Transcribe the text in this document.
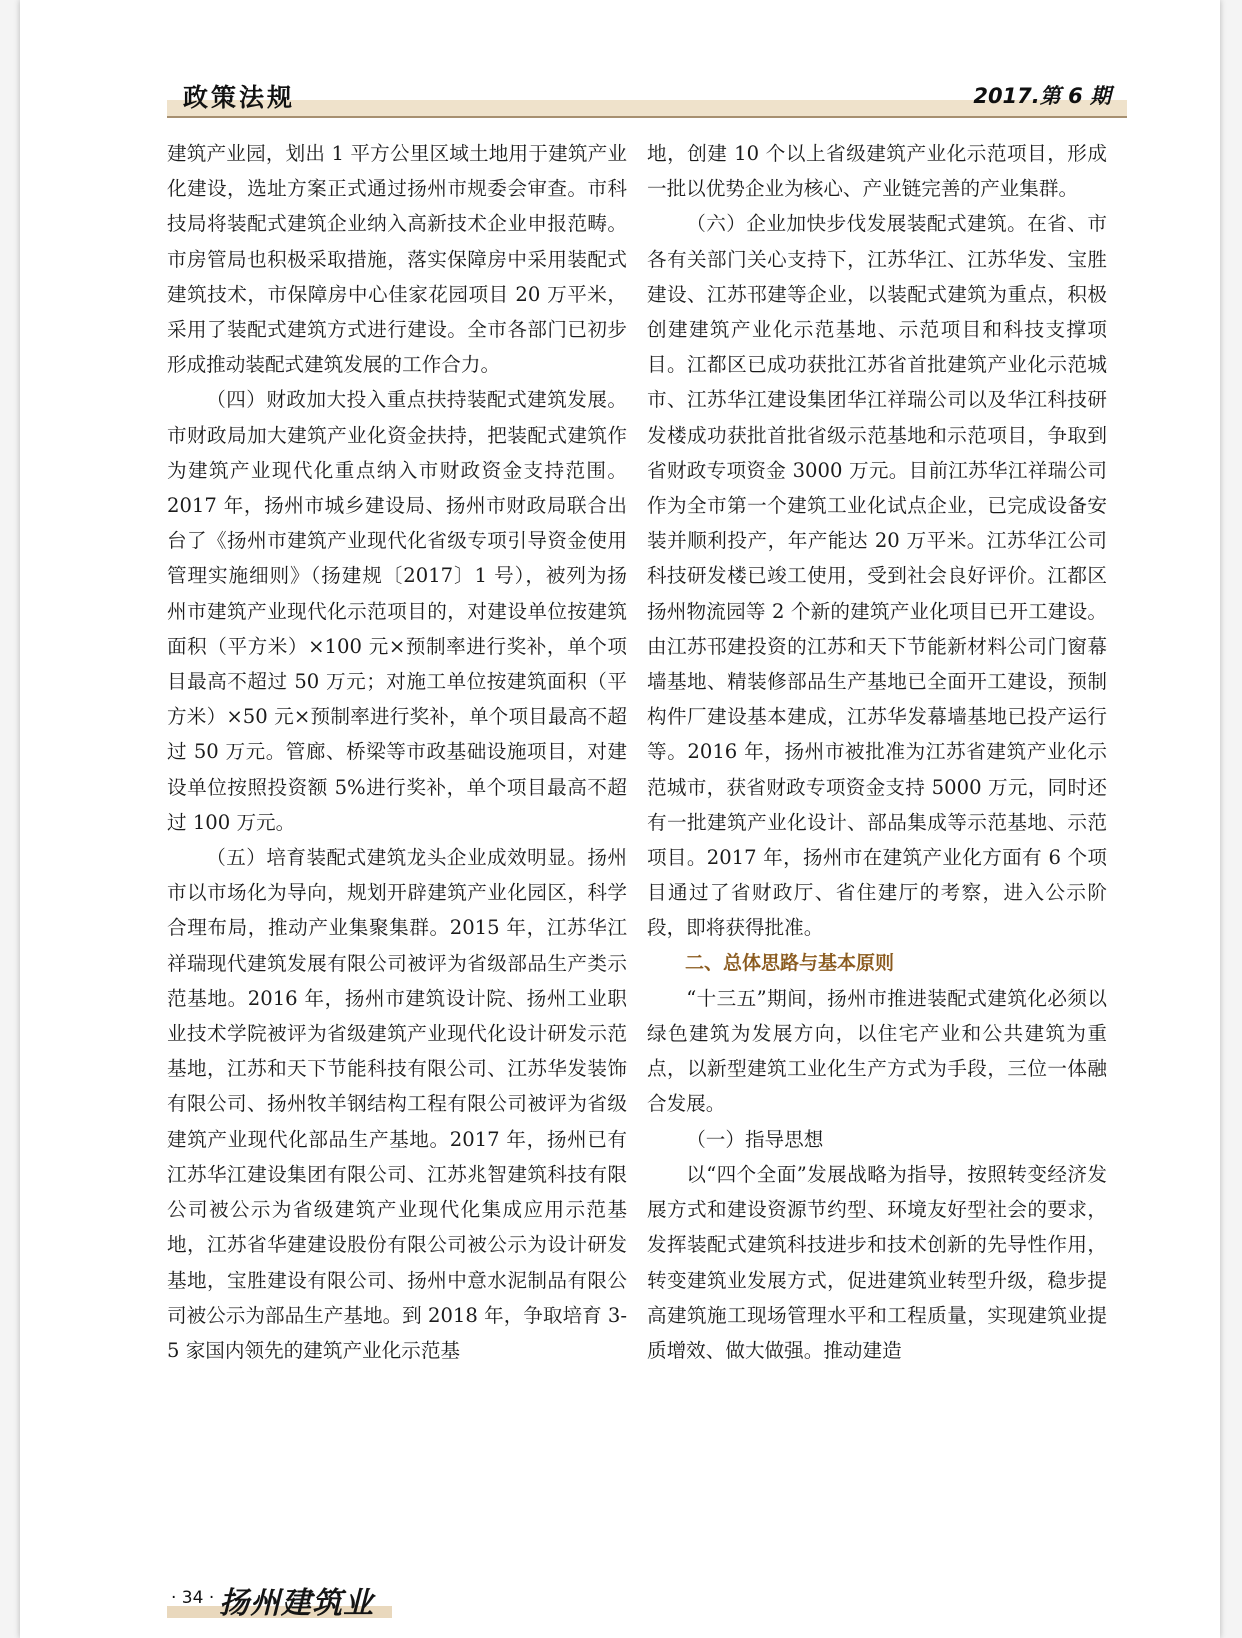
政策法规	2017.第 6 期

建筑产业园，划出 1 平方公里区域土地用于建筑产业化建设，选址方案正式通过扬州市规委会审查。市科技局将装配式建筑企业纳入高新技术企业申报范畴。市房管局也积极采取措施，落实保障房中采用装配式建筑技术，市保障房中心佳家花园项目 20 万平米，采用了装配式建筑方式进行建设。全市各部门已初步形成推动装配式建筑发展的工作合力。

（四）财政加大投入重点扶持装配式建筑发展。市财政局加大建筑产业化资金扶持，把装配式建筑作为建筑产业现代化重点纳入市财政资金支持范围。2017 年，扬州市城乡建设局、扬州市财政局联合出台了《扬州市建筑产业现代化省级专项引导资金使用管理实施细则》（扬建规〔2017〕1 号），被列为扬州市建筑产业现代化示范项目的，对建设单位按建筑面积（平方米）×100 元×预制率进行奖补，单个项目最高不超过 50 万元；对施工单位按建筑面积（平方米）×50 元×预制率进行奖补，单个项目最高不超过 50 万元。管廊、桥梁等市政基础设施项目，对建设单位按照投资额 5%进行奖补，单个项目最高不超过 100 万元。

（五）培育装配式建筑龙头企业成效明显。扬州市以市场化为导向，规划开辟建筑产业化园区，科学合理布局，推动产业集聚集群。2015 年，江苏华江祥瑞现代建筑发展有限公司被评为省级部品生产类示范基地。2016 年，扬州市建筑设计院、扬州工业职业技术学院被评为省级建筑产业现代化设计研发示范基地，江苏和天下节能科技有限公司、江苏华发装饰有限公司、扬州牧羊钢结构工程有限公司被评为省级建筑产业现代化部品生产基地。2017 年，扬州已有江苏华江建设集团有限公司、江苏兆智建筑科技有限公司被公示为省级建筑产业现代化集成应用示范基地，江苏省华建建设股份有限公司被公示为设计研发基地，宝胜建设有限公司、扬州中意水泥制品有限公司被公示为部品生产基地。到 2018 年，争取培育 3-5 家国内领先的建筑产业化示范基

地，创建 10 个以上省级建筑产业化示范项目，形成一批以优势企业为核心、产业链完善的产业集群。

（六）企业加快步伐发展装配式建筑。在省、市各有关部门关心支持下，江苏华江、江苏华发、宝胜建设、江苏邗建等企业，以装配式建筑为重点，积极创建建筑产业化示范基地、示范项目和科技支撑项目。江都区已成功获批江苏省首批建筑产业化示范城市、江苏华江建设集团华江祥瑞公司以及华江科技研发楼成功获批首批省级示范基地和示范项目，争取到省财政专项资金 3000 万元。目前江苏华江祥瑞公司作为全市第一个建筑工业化试点企业，已完成设备安装并顺利投产，年产能达 20 万平米。江苏华江公司科技研发楼已竣工使用，受到社会良好评价。江都区扬州物流园等 2 个新的建筑产业化项目已开工建设。由江苏邗建投资的江苏和天下节能新材料公司门窗幕墙基地、精装修部品生产基地已全面开工建设，预制构件厂建设基本建成，江苏华发幕墙基地已投产运行等。2016 年，扬州市被批准为江苏省建筑产业化示范城市，获省财政专项资金支持 5000 万元，同时还有一批建筑产业化设计、部品集成等示范基地、示范项目。2017 年，扬州市在建筑产业化方面有 6 个项目通过了省财政厅、省住建厅的考察，进入公示阶段，即将获得批准。

二、总体思路与基本原则

“十三五”期间，扬州市推进装配式建筑化必须以绿色建筑为发展方向，以住宅产业和公共建筑为重点，以新型建筑工业化生产方式为手段，三位一体融合发展。

（一）指导思想

以“四个全面”发展战略为指导，按照转变经济发展方式和建设资源节约型、环境友好型社会的要求，发挥装配式建筑科技进步和技术创新的先导性作用，转变建筑业发展方式，促进建筑业转型升级，稳步提高建筑施工现场管理水平和工程质量，实现建筑业提质增效、做大做强。推动建造

· 34 · 扬州建筑业
